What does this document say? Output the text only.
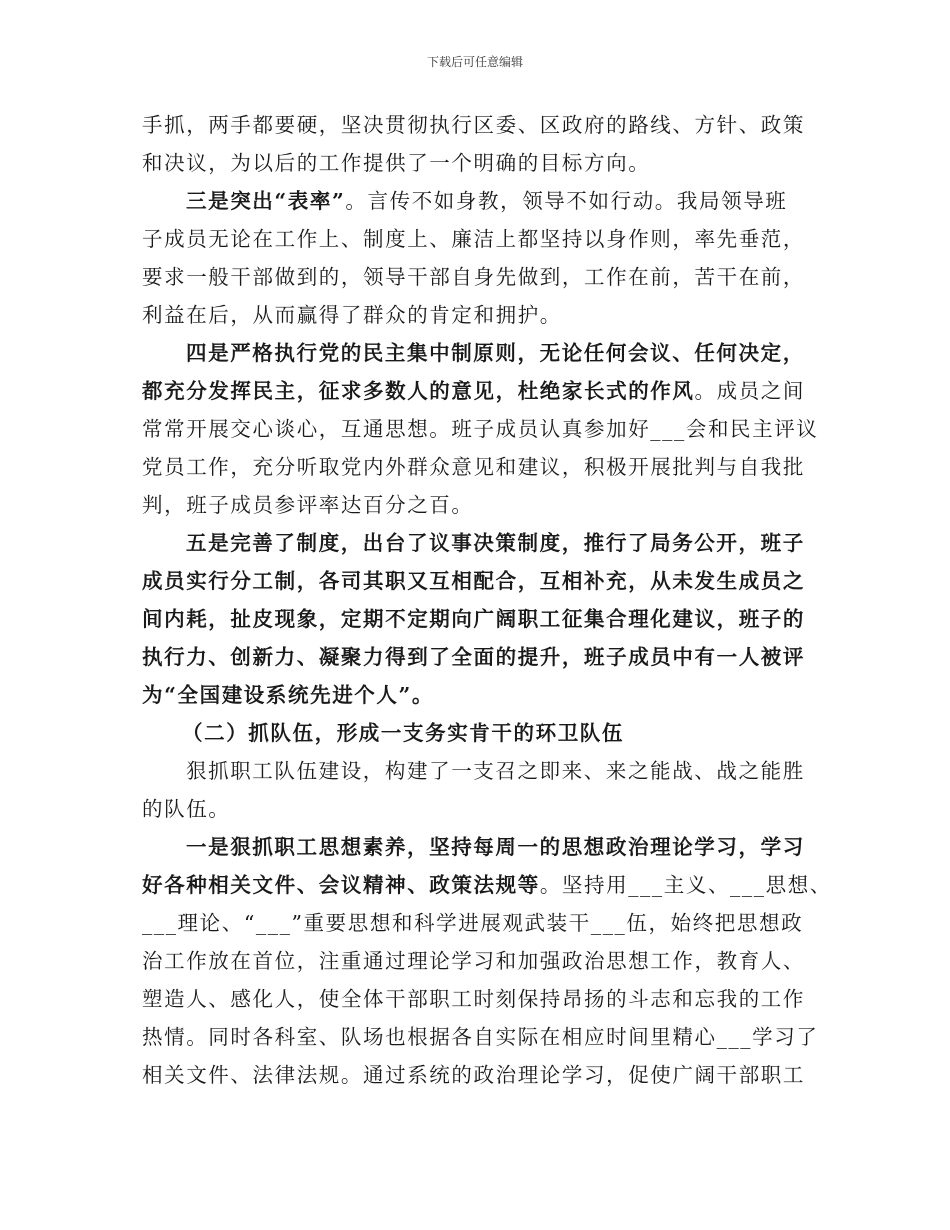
下载后可任意编辑
手抓，两手都要硬，坚决贯彻执行区委、区政府的路线、方针、政策
和决议，为以后的工作提供了一个明确的目标方向。
三是突出“表率”。言传不如身教，领导不如行动。我局领导班
子成员无论在工作上、制度上、廉洁上都坚持以身作则，率先垂范，
要求一般干部做到的，领导干部自身先做到，工作在前，苦干在前，
利益在后，从而赢得了群众的肯定和拥护。
四是严格执行党的民主集中制原则，无论任何会议、任何决定，
都充分发挥民主，征求多数人的意见，杜绝家长式的作风。成员之间
常常开展交心谈心，互通思想。班子成员认真参加好___会和民主评议
党员工作，充分听取党内外群众意见和建议，积极开展批判与自我批
判，班子成员参评率达百分之百。
五是完善了制度，出台了议事决策制度，推行了局务公开，班子
成员实行分工制，各司其职又互相配合，互相补充，从未发生成员之
间内耗，扯皮现象，定期不定期向广阔职工征集合理化建议，班子的
执行力、创新力、凝聚力得到了全面的提升，班子成员中有一人被评
为“全国建设系统先进个人”。
（二）抓队伍，形成一支务实肯干的环卫队伍
狠抓职工队伍建设，构建了一支召之即来、来之能战、战之能胜
的队伍。
一是狠抓职工思想素养，坚持每周一的思想政治理论学习，学习
好各种相关文件、会议精神、政策法规等。坚持用___主义、___思想、
___理论、“___”重要思想和科学进展观武装干___伍，始终把思想政
治工作放在首位，注重通过理论学习和加强政治思想工作，教育人、
塑造人、感化人，使全体干部职工时刻保持昂扬的斗志和忘我的工作
热情。同时各科室、队场也根据各自实际在相应时间里精心___学习了
相关文件、法律法规。通过系统的政治理论学习，促使广阔干部职工
